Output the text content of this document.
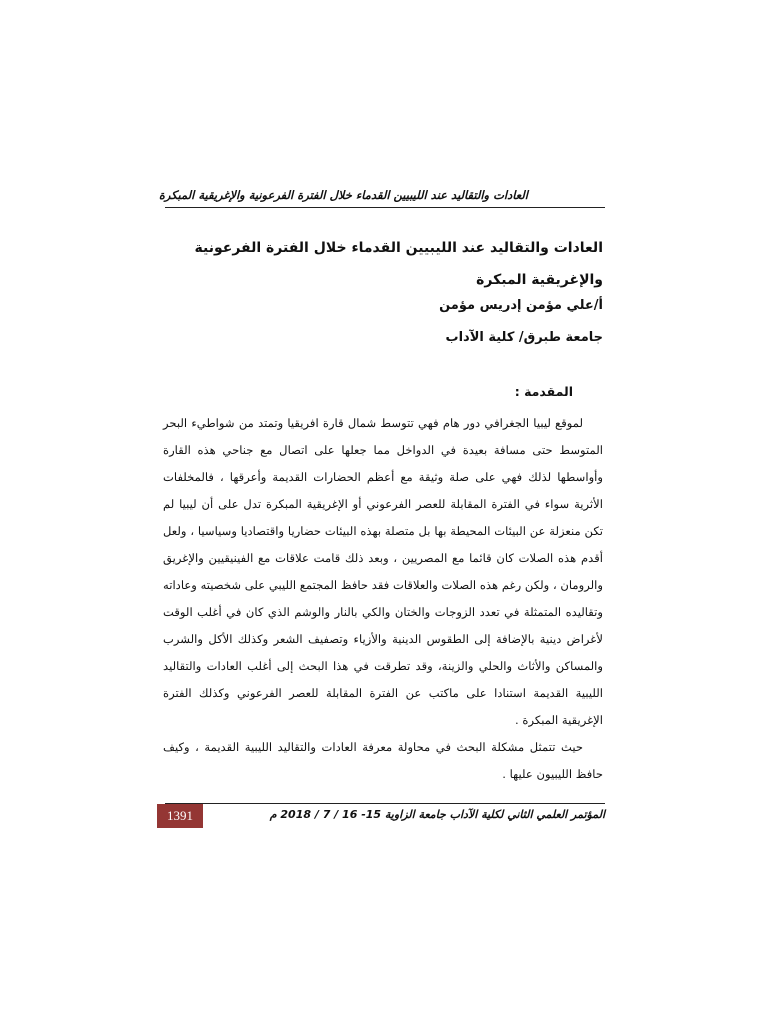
العادات والتقاليد عند الليبيين القدماء خلال الفترة الفرعونية والإغريقية المبكرة
العادات والتقاليد عند الليبيين القدماء خلال الفترة الفرعونية والإغريقية المبكرة
أ/علي مؤمن إدريس مؤمن
جامعة طبرق/ كلية الآداب
المقدمة :

لموقع ليبيا الجغرافي دور هام فهي تتوسط شمال قارة افريقيا وتمتد من شواطيء البحر المتوسط حتى مسافة بعيدة في الدواخل مما جعلها على اتصال مع جناحي هذه القارة وأواسطها لذلك فهي على صلة وثيقة مع أعظم الحضارات القديمة وأعرقها ، فالمخلفات الأثرية سواء في الفترة المقابلة للعصر الفرعوني أو الإغريقية المبكرة تدل على أن ليبيا لم تكن منعزلة عن البيئات المحيطة بها بل متصلة بهذه البيئات حضاريا واقتصاديا وسياسيا ، ولعل أقدم هذه الصلات كان قائما مع المصريين ، وبعد ذلك قامت علاقات مع الفينيقيين والإغريق والرومان ، ولكن رغم هذه الصلات والعلاقات فقد حافظ المجتمع الليبي على شخصيته وعاداته وتقاليده المتمثلة في تعدد الزوجات والختان والكي بالنار والوشم الذي كان في أغلب الوقت لأغراض دينية بالإضافة إلى الطقوس الدينية والأزياء وتصفيف الشعر وكذلك الأكل والشرب والمساكن والأثاث والحلي والزينة، وقد تطرقت في هذا البحث إلى أغلب العادات والتقاليد الليبية القديمة استنادا على ماكتب عن الفترة المقابلة للعصر الفرعوني وكذلك الفترة الإغريقية المبكرة .

حيث تتمثل مشكلة البحث في محاولة معرفة العادات والتقاليد الليبية القديمة ، وكيف حافظ الليبيون عليها .

المؤتمر العلمي الثاني لكلية الآداب جامعة الزاوية 15- 16 / 7 / 2018 م
1391
